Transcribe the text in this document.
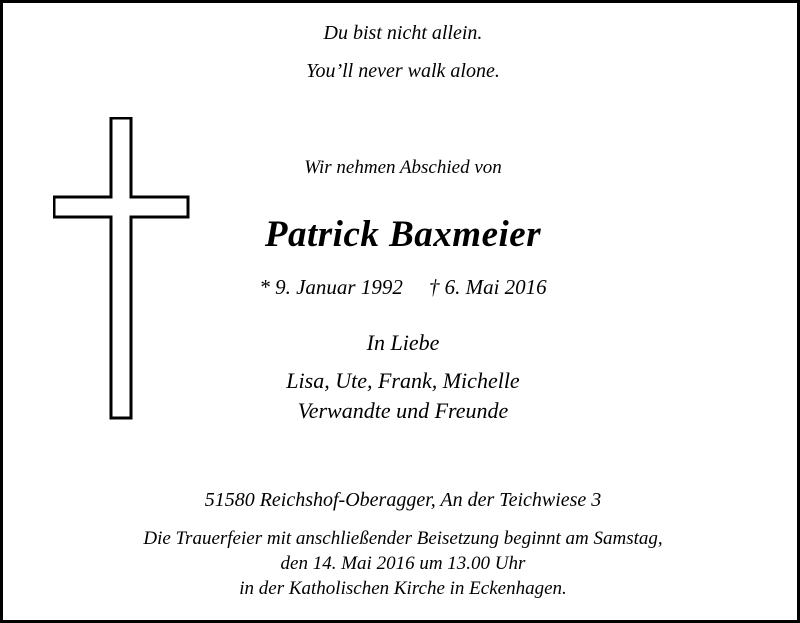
Du bist nicht allein.
You’ll never walk alone.
Wir nehmen Abschied von
Patrick Baxmeier
* 9. Januar 1992 † 6. Mai 2016
In Liebe
Lisa, Ute, Frank, Michelle
Verwandte und Freunde
51580 Reichshof-Oberagger, An der Teichwiese 3
Die Trauerfeier mit anschließender Beisetzung beginnt am Samstag,
den 14. Mai 2016 um 13.00 Uhr
in der Katholischen Kirche in Eckenhagen.
